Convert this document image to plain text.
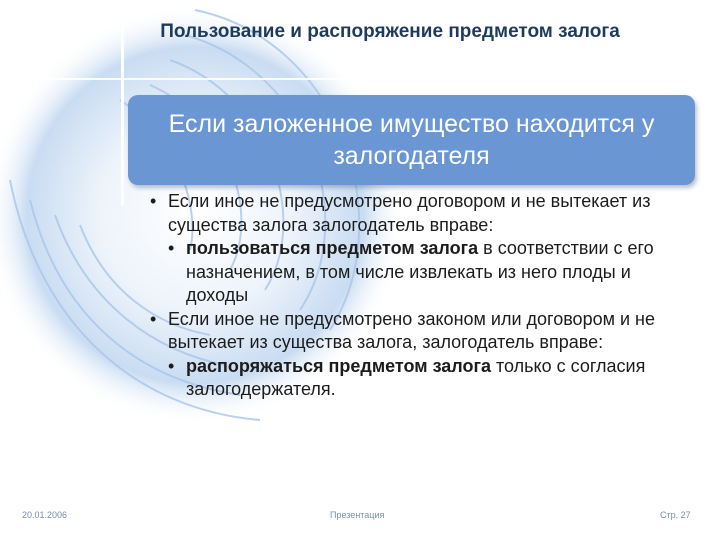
Пользование и распоряжение предметом залога
Если заложенное имущество находится у залогодателя
• Если иное не предусмотрено договором и не вытекает из существа залога залогодатель вправе:
• пользоваться предметом залога в соответствии с его назначением, в том числе извлекать из него плоды и доходы
• Если иное не предусмотрено законом или договором и не вытекает из существа залога, залогодатель вправе:
• распоряжаться предметом залога только с согласия залогодержателя.
20.01.2006	Презентация	Стр. 27
